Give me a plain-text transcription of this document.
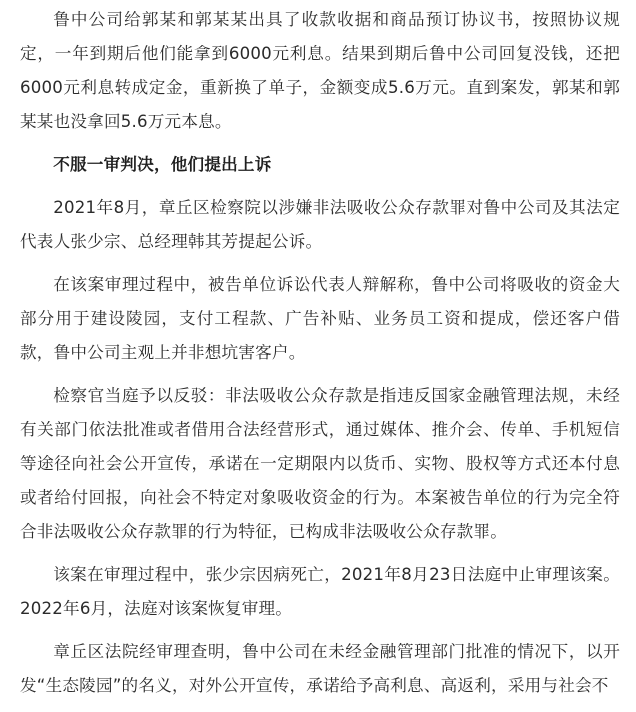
鲁中公司给郭某和郭某某出具了收款收据和商品预订协议书，按照协议规定，一年到期后他们能拿到6000元利息。结果到期后鲁中公司回复没钱，还把6000元利息转成定金，重新换了单子，金额变成5.6万元。直到案发，郭某和郭某某也没拿回5.6万元本息。

不服一审判决，他们提出上诉

2021年8月，章丘区检察院以涉嫌非法吸收公众存款罪对鲁中公司及其法定代表人张少宗、总经理韩其芳提起公诉。

在该案审理过程中，被告单位诉讼代表人辩解称，鲁中公司将吸收的资金大部分用于建设陵园，支付工程款、广告补贴、业务员工资和提成，偿还客户借款，鲁中公司主观上并非想坑害客户。

检察官当庭予以反驳：非法吸收公众存款是指违反国家金融管理法规，未经有关部门依法批准或者借用合法经营形式，通过媒体、推介会、传单、手机短信等途径向社会公开宣传，承诺在一定期限内以货币、实物、股权等方式还本付息或者给付回报，向社会不特定对象吸收资金的行为。本案被告单位的行为完全符合非法吸收公众存款罪的行为特征，已构成非法吸收公众存款罪。

该案在审理过程中，张少宗因病死亡，2021年8月23日法庭中止审理该案。2022年6月，法庭对该案恢复审理。

章丘区法院经审理查明，鲁中公司在未经金融管理部门批准的情况下，以开发“生态陵园”的名义，对外公开宣传，承诺给予高利息、高返利，采用与社会不
